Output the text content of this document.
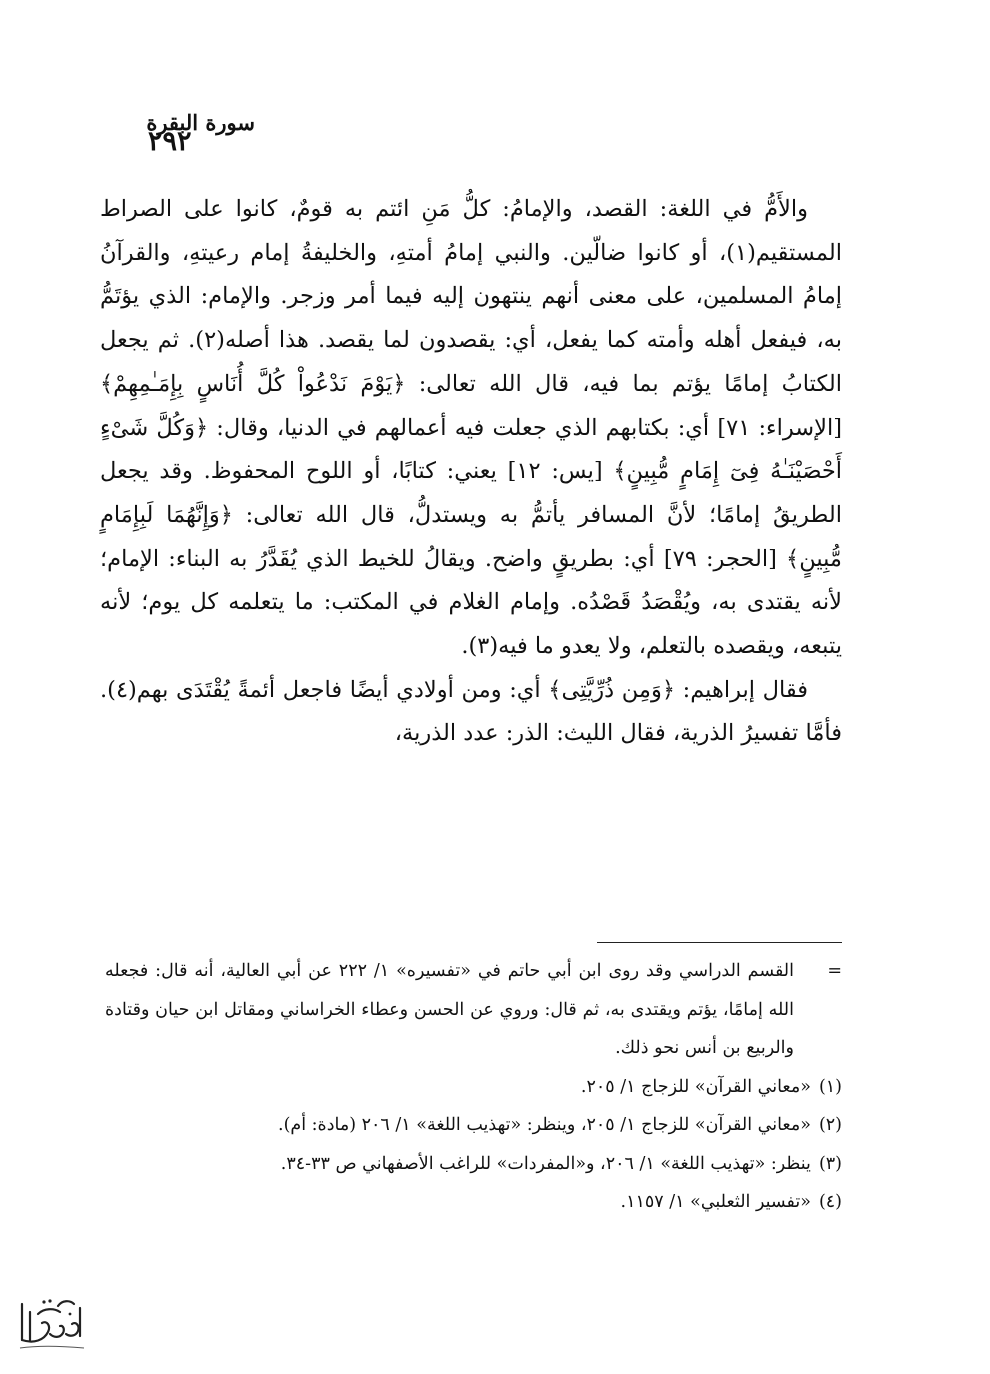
سورة البقرة
٢٩٢

والأَمُّ في اللغة: القصد، والإمامُ: كلُّ مَنِ ائتم به قومٌ، كانوا على الصراط المستقيم(١)، أو كانوا ضالّين. والنبي إمامُ أمتهِ، والخليفةُ إمام رعيتهِ، والقرآنُ إمامُ المسلمين، على معنى أنهم ينتهون إليه فيما أمر وزجر. والإمام: الذي يؤتَمُّ به، فيفعل أهله وأمته كما يفعل، أي: يقصدون لما يقصد. هذا أصله(٢). ثم يجعل الكتابُ إمامًا يؤتم بما فيه، قال الله تعالى: ﴿يَوْمَ نَدْعُواْ كُلَّ أُنَاسٍ بِإِمَـٰمِهِمْ﴾ [الإسراء: ٧١] أي: بكتابهم الذي جعلت فيه أعمالهم في الدنيا، وقال: ﴿وَكُلَّ شَىْءٍ أَحْصَيْنَـٰهُ فِىٓ إِمَامٍ مُّبِينٍ﴾ [يس: ١٢] يعني: كتابًا، أو اللوح المحفوظ. وقد يجعل الطريقُ إمامًا؛ لأنَّ المسافر يأتمُّ به ويستدلُّ، قال الله تعالى: ﴿وَإِنَّهُمَا لَبِإِمَامٍ مُّبِينٍ﴾ [الحجر: ٧٩] أي: بطريقٍ واضح. ويقالُ للخيط الذي يُقَدَّرُ به البناء: الإمام؛ لأنه يقتدى به، ويُقْصَدُ قَصْدُه. وإمام الغلام في المكتب: ما يتعلمه كل يوم؛ لأنه يتبعه، ويقصده بالتعلم، ولا يعدو ما فيه(٣).

فقال إبراهيم: ﴿وَمِن ذُرِّيَّتِى﴾ أي: ومن أولادي أيضًا فاجعل أئمةً يُقْتَدَى بهم(٤). فأمَّا تفسيرُ الذرية، فقال الليث: الذر: عدد الذرية،

=
القسم الدراسي وقد روى ابن أبي حاتم في «تفسيره» ١/ ٢٢٢ عن أبي العالية، أنه قال: فجعله الله إمامًا، يؤتم ويقتدى به، ثم قال: وروي عن الحسن وعطاء الخراساني ومقاتل ابن حيان وقتادة والربيع بن أنس نحو ذلك.

(١)«معاني القرآن» للزجاج ١/ ٢٠٥.
(٢)«معاني القرآن» للزجاج ١/ ٢٠٥، وينظر: «تهذيب اللغة» ١/ ٢٠٦ (مادة: أم).
(٣)ينظر: «تهذيب اللغة» ١/ ٢٠٦، و«المفردات» للراغب الأصفهاني ص ٣٣-٣٤.
(٤)«تفسير الثعلبي» ١/ ١١٥٧.
